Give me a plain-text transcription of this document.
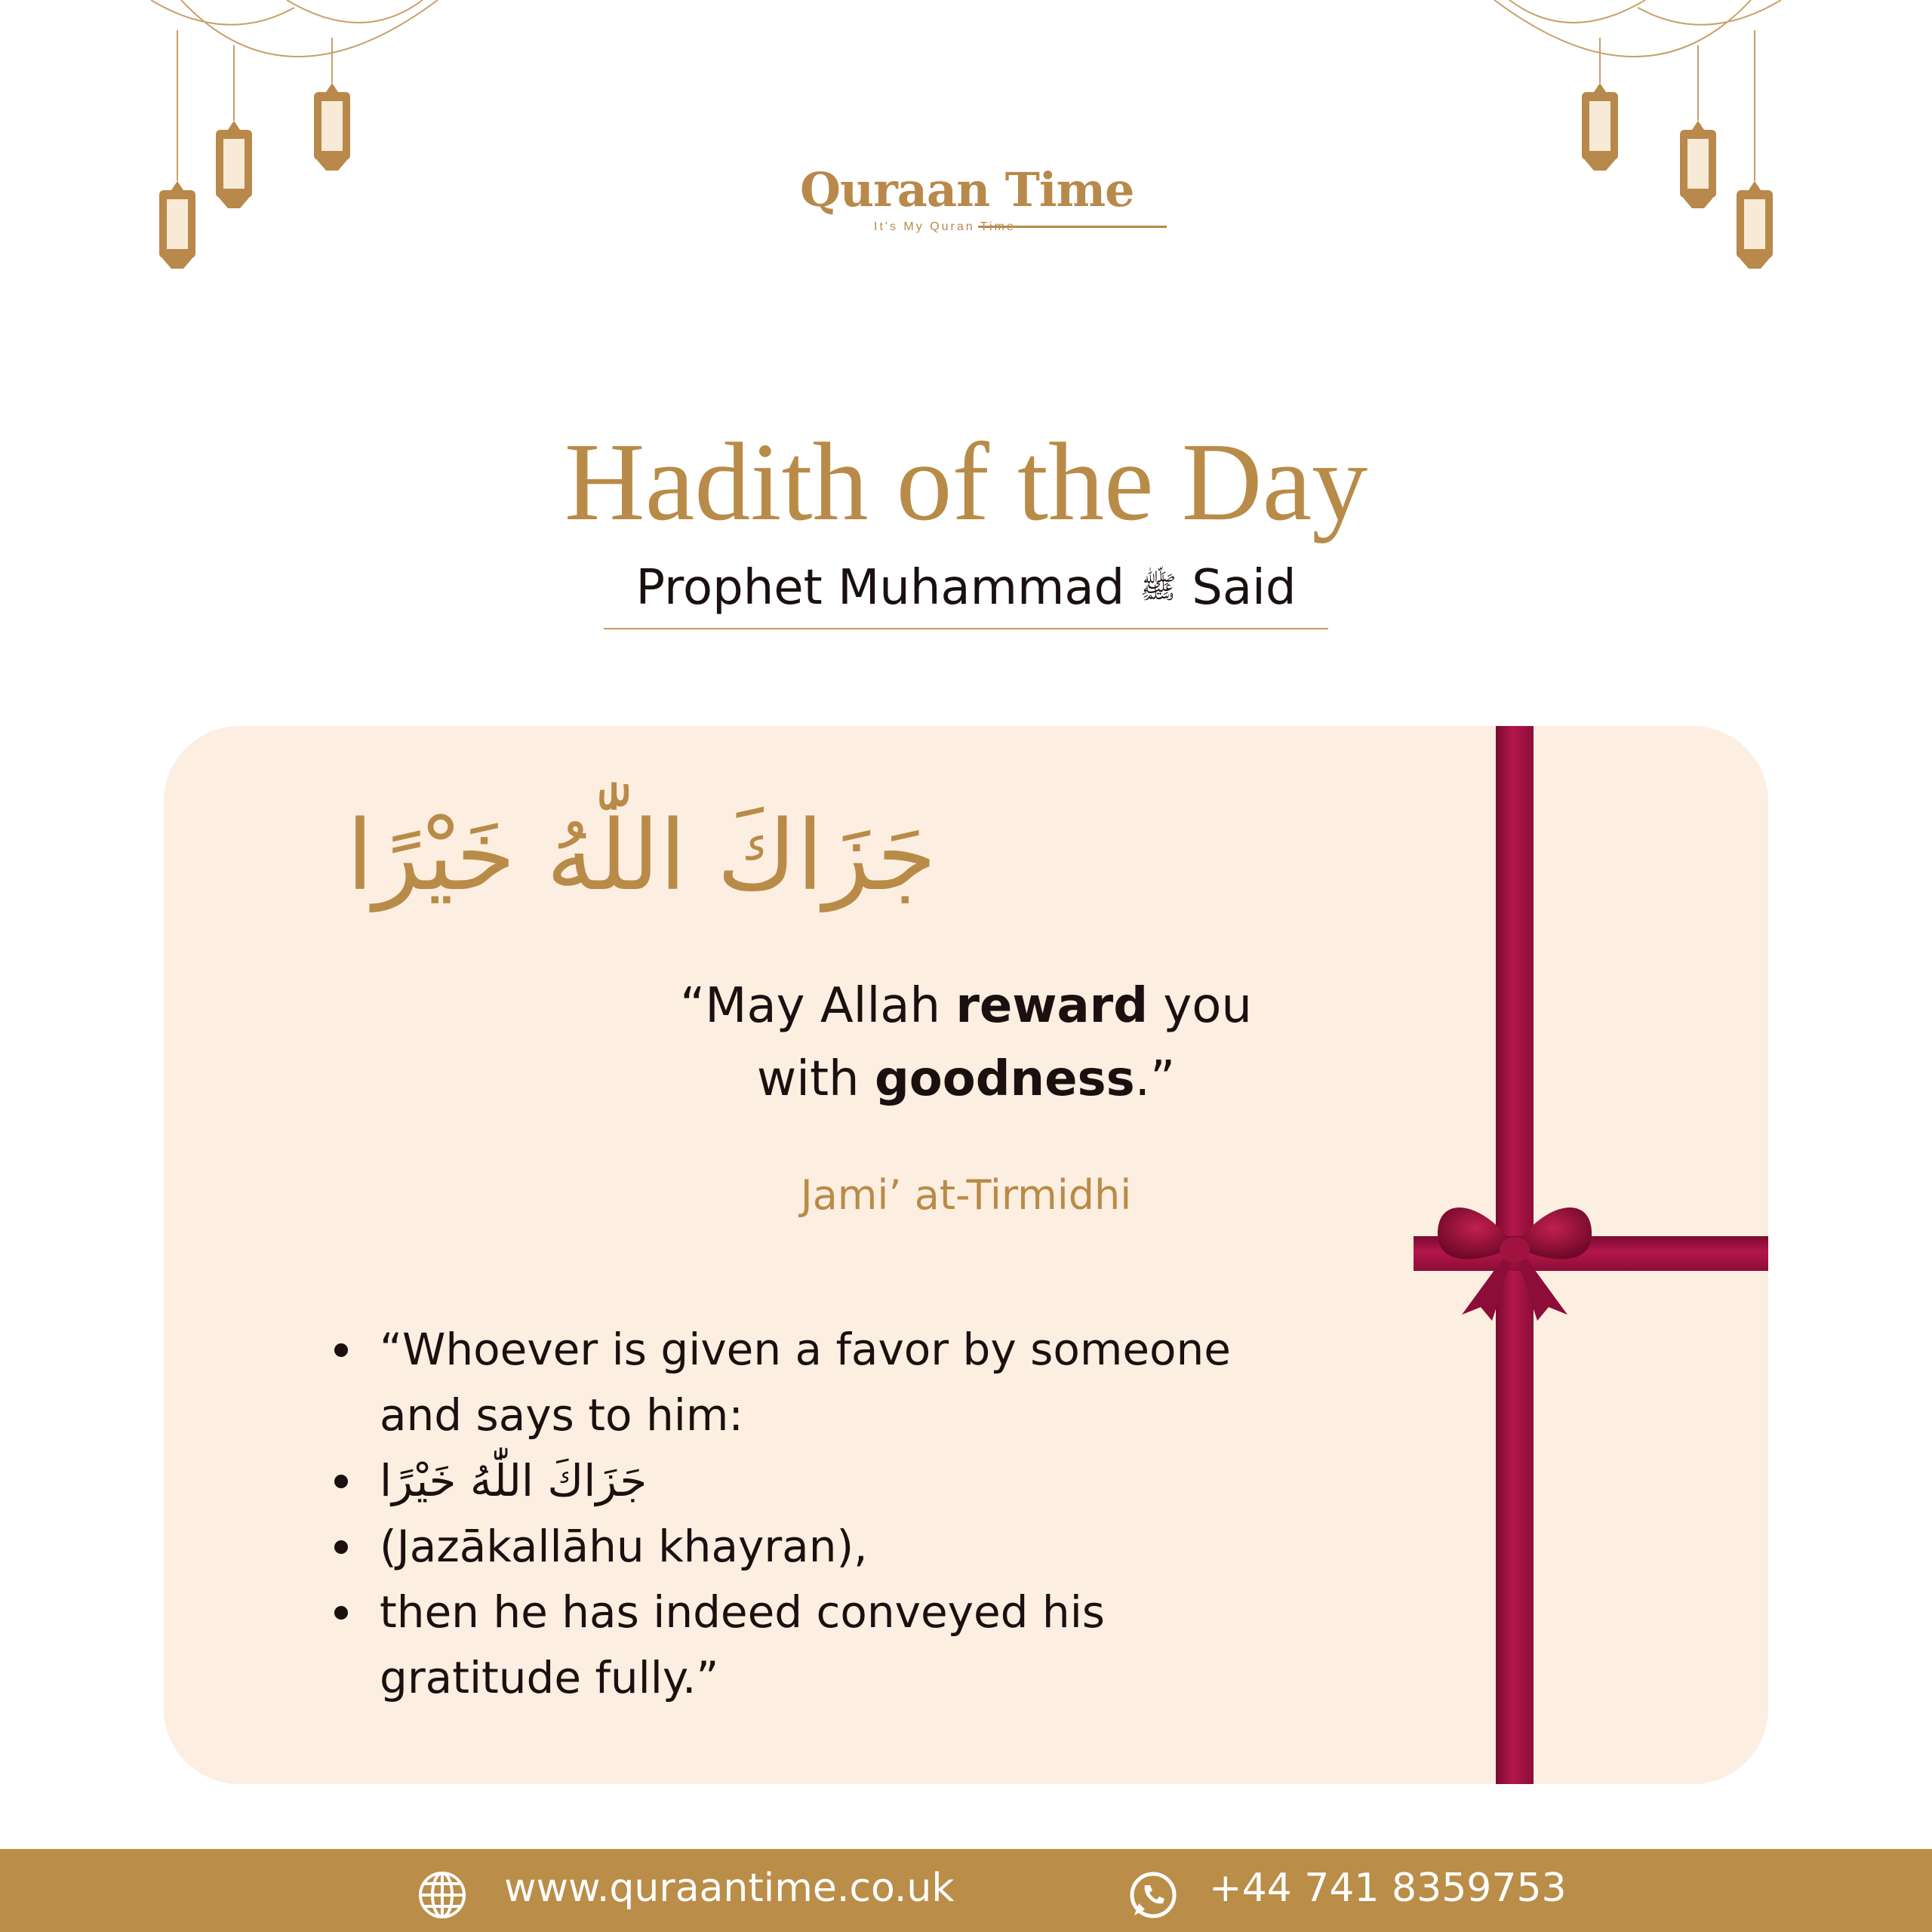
Quraan Time
It's My Quran Time
Hadith of the Day
Prophet Muhammad ﷺ Said
جَزَاكَ اللّٰهُ خَيْرًا
“May Allah reward you
with goodness.”
Jami’ at-Tirmidhi
“Whoever is given a favor by someone and says to him:
جَزَاكَ اللّٰهُ خَيْرًا
(Jazākallāhu khayran),
then he has indeed conveyed his gratitude fully.”
www.quraantime.co.uk	+44 741 8359753
